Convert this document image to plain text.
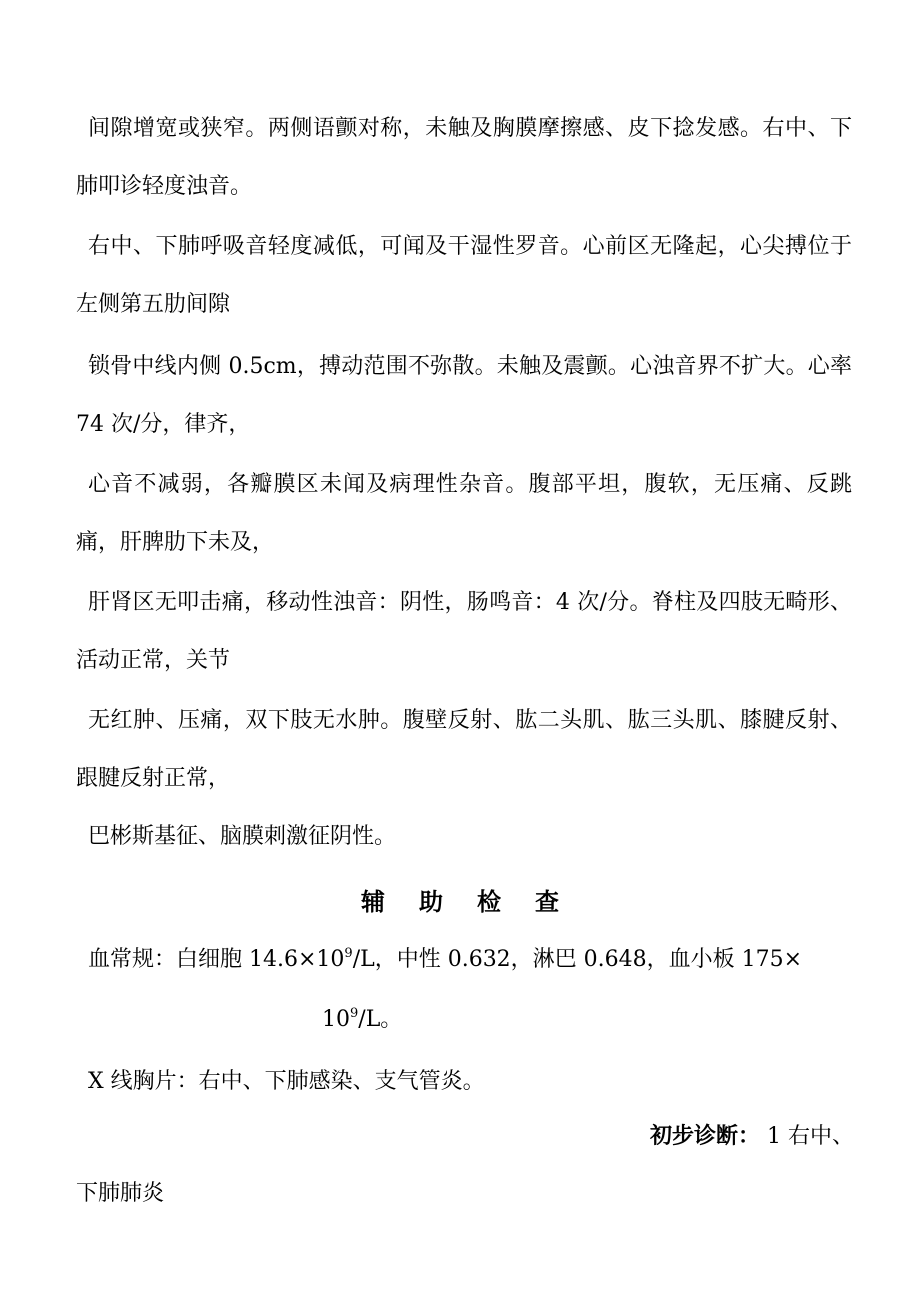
间隙增宽或狭窄。两侧语颤对称，未触及胸膜摩擦感、皮下捻发感。右中、下肺叩诊轻度浊音。

右中、下肺呼吸音轻度减低，可闻及干湿性罗音。心前区无隆起，心尖搏位于左侧第五肋间隙

锁骨中线内侧 0.5cm，搏动范围不弥散。未触及震颤。心浊音界不扩大。心率 74 次/分，律齐，

心音不减弱，各瓣膜区未闻及病理性杂音。腹部平坦，腹软，无压痛、反跳痛，肝脾肋下未及，

肝肾区无叩击痛，移动性浊音：阴性，肠鸣音：4 次/分。脊柱及四肢无畸形、活动正常，关节

无红肿、压痛，双下肢无水肿。腹壁反射、肱二头肌、肱三头肌、膝腱反射、跟腱反射正常，

巴彬斯基征、脑膜刺激征阴性。

辅助检查
血常规：白细胞 $14.6\times 10^9/L$，中性 0.632，淋巴 0.648，血小板 175×
$10^9/L$。
X 线胸片：右中、下肺感染、支气管炎。
初步诊断： 1 右中、
下肺肺炎
